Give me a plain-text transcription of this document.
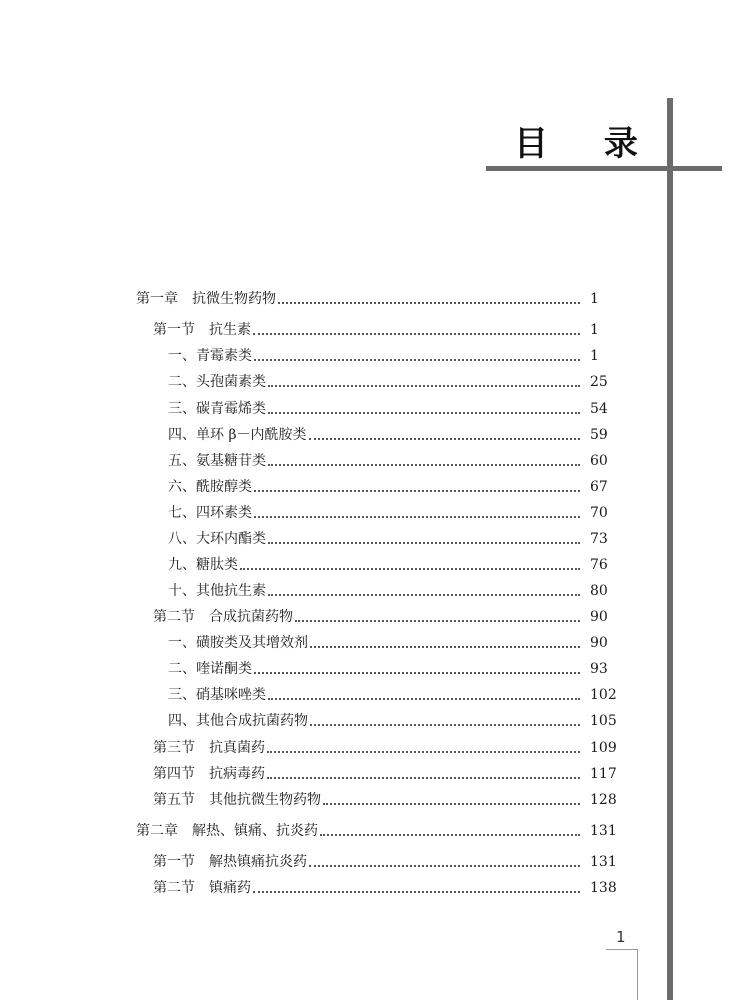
目 录
第一章　抗微生物药物	1
第一节　抗生素	1
一、青霉素类	1
二、头孢菌素类	25
三、碳青霉烯类	54
四、单环 β－内酰胺类	59
五、氨基糖苷类	60
六、酰胺醇类	67
七、四环素类	70
八、大环内酯类	73
九、糖肽类	76
十、其他抗生素	80
第二节　合成抗菌药物	90
一、磺胺类及其增效剂	90
二、喹诺酮类	93
三、硝基咪唑类	102
四、其他合成抗菌药物	105
第三节　抗真菌药	109
第四节　抗病毒药	117
第五节　其他抗微生物药物	128
第二章　解热、镇痛、抗炎药	131
第一节　解热镇痛抗炎药	131
第二节　镇痛药	138
1
